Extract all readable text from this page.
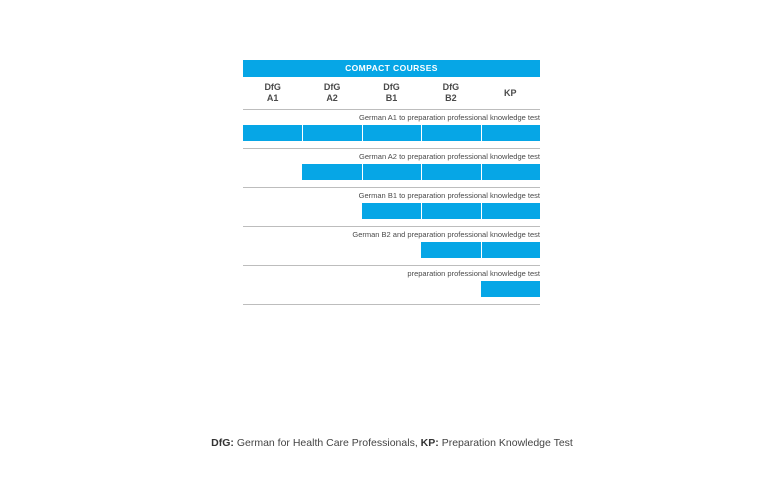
COMPACT COURSES
DfG
A1
DfG
A2
DfG
B1
DfG
B2
KP
German A1 to preparation professional knowledge test
German A2 to preparation professional knowledge test
German B1 to preparation professional knowledge test
German B2 and preparation professional knowledge test
preparation professional knowledge test
DfG: German for Health Care Professionals, KP: Preparation Knowledge Test
